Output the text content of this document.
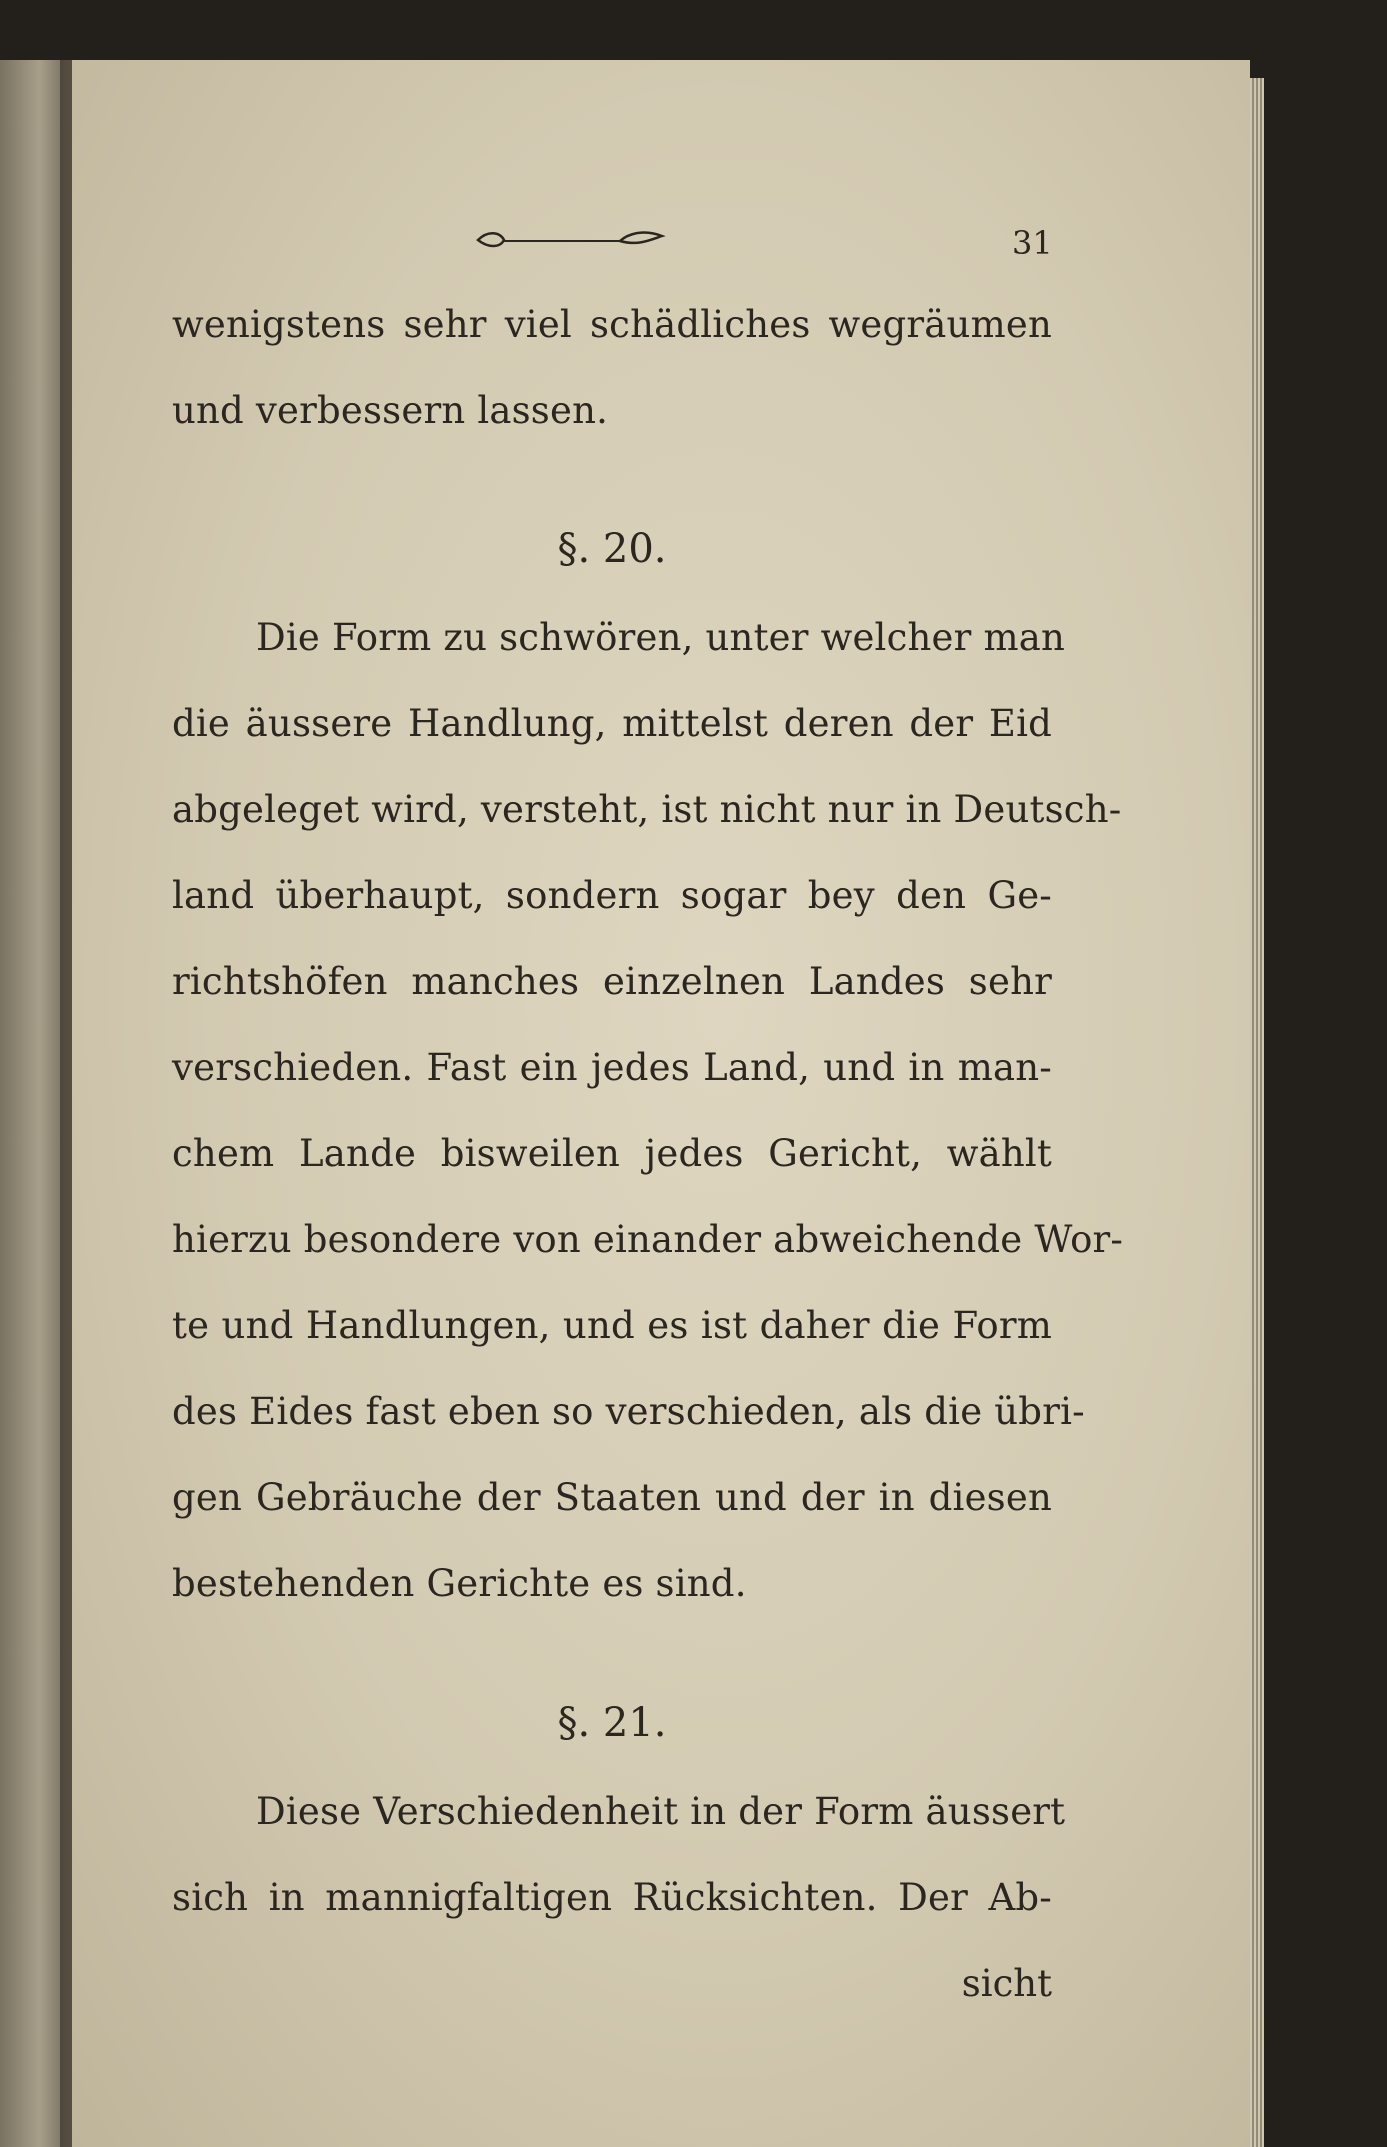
31
wenigstens sehr viel schädliches wegräumen
und verbessern lassen.
§. 20.
Die Form zu schwören, unter welcher man
die äussere Handlung, mittelst deren der Eid
abgeleget wird, versteht, ist nicht nur in Deutsch-
land überhaupt, sondern sogar bey den Ge-
richtshöfen manches einzelnen Landes sehr
verschieden. Fast ein jedes Land, und in man-
chem Lande bisweilen jedes Gericht, wählt
hierzu besondere von einander abweichende Wor-
te und Handlungen, und es ist daher die Form
des Eides fast eben so verschieden, als die übri-
gen Gebräuche der Staaten und der in diesen
bestehenden Gerichte es sind.
§. 21.
Diese Verschiedenheit in der Form äussert
sich in mannigfaltigen Rücksichten. Der Ab-
sicht
